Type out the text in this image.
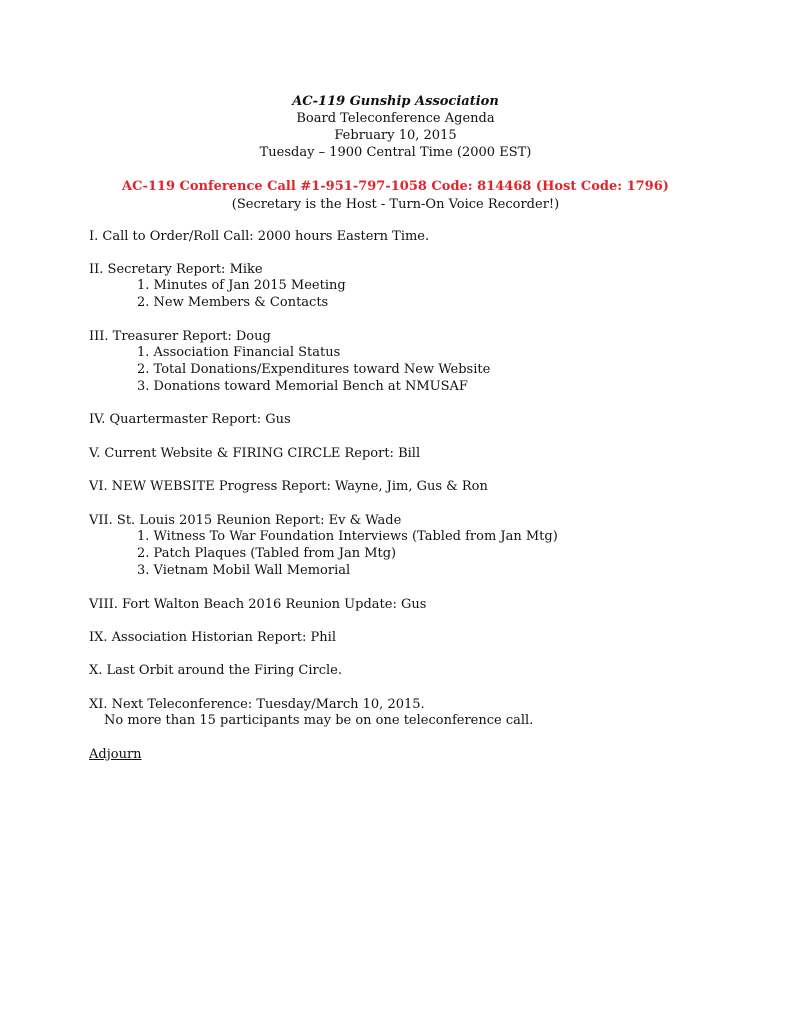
AC-119 Gunship Association
Board Teleconference Agenda
February 10, 2015
Tuesday – 1900 Central Time (2000 EST)
AC-119 Conference Call #1-951-797-1058 Code: 814468 (Host Code: 1796)
(Secretary is the Host - Turn-On Voice Recorder!)
I. Call to Order/Roll Call: 2000 hours Eastern Time.
II. Secretary Report: Mike
1. Minutes of Jan 2015 Meeting
2. New Members & Contacts
III. Treasurer Report: Doug
1. Association Financial Status
2. Total Donations/Expenditures toward New Website
3. Donations toward Memorial Bench at NMUSAF
IV. Quartermaster Report: Gus
V. Current Website & FIRING CIRCLE Report: Bill
VI. NEW WEBSITE Progress Report: Wayne, Jim, Gus & Ron
VII. St. Louis 2015 Reunion Report: Ev & Wade
1. Witness To War Foundation Interviews (Tabled from Jan Mtg)
2. Patch Plaques (Tabled from Jan Mtg)
3. Vietnam Mobil Wall Memorial
VIII. Fort Walton Beach 2016 Reunion Update: Gus
IX. Association Historian Report: Phil
X. Last Orbit around the Firing Circle.
XI. Next Teleconference: Tuesday/March 10, 2015.
No more than 15 participants may be on one teleconference call.
Adjourn
